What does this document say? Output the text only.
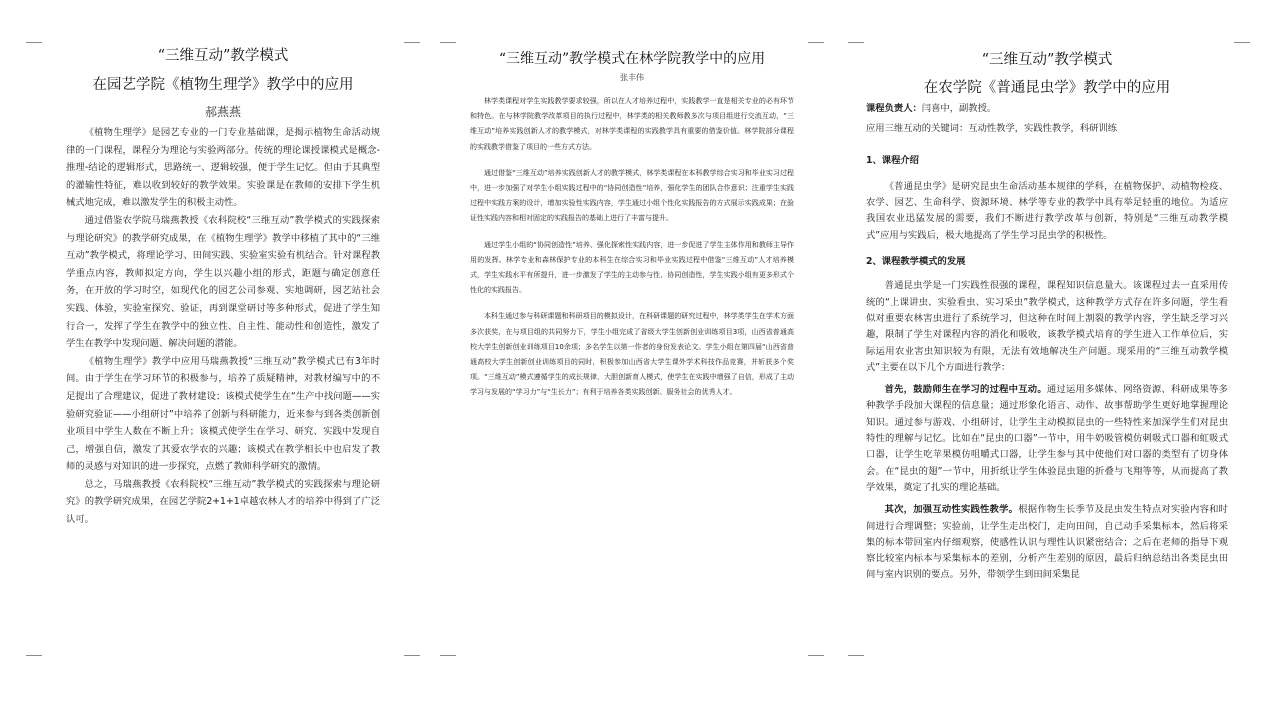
“三维互动”教学模式
在园艺学院《植物生理学》教学中的应用
郝燕燕

《植物生理学》是园艺专业的一门专业基础课，是揭示植物生命活动规律的一门课程，课程分为理论与实验两部分。传统的理论课授课模式是概念-推理-结论的逻辑形式，思路统一、逻辑较强，便于学生记忆。但由于其典型的灌输性特征，难以收到较好的教学效果。实验课是在教师的安排下学生机械式地完成，难以激发学生的积极主动性。

通过借鉴农学院马瑞燕教授《农科院校“三维互动”教学模式的实践探索与理论研究》的教学研究成果，在《植物生理学》教学中移植了其中的“三维互动”教学模式，将理论学习、田间实践、实验室实验有机结合。针对课程教学重点内容，教师拟定方向，学生以兴趣小组的形式，距题与确定创意任务，在开放的学习时空，如现代化的园艺公司参观、实地调研，园艺站社会实践、体验，实验室探究、验证，再到课堂研讨等多种形式，促进了学生知行合一，发挥了学生在教学中的独立性、自主性、能动性和创造性，激发了学生在教学中发现问题、解决问题的潜能。

《植物生理学》教学中应用马瑞燕教授“三维互动”教学模式已有3年时间。由于学生在学习环节的积极参与，培养了质疑精神，对教材编写中的不足提出了合理建议，促进了教材建设；该模式使学生在“生产中找问题——实验研究验证——小组研讨”中培养了创新与科研能力，近来参与到各类创新创业项目中学生人数在不断上升；该模式使学生在学习、研究、实践中发现自己，增强自信，激发了其爱农学农的兴趣；该模式在教学相长中也启发了教师的灵感与对知识的进一步探究，点燃了教师科学研究的激情。

总之，马瑞燕教授《农科院校“三维互动”教学模式的实践探索与理论研究》的教学研究成果，在园艺学院2+1+1卓越农林人才的培养中得到了广泛认可。

“三维互动”教学模式在林学院教学中的应用
张丰伟

林学类课程对学生实践教学要求较强，所以在人才培养过程中，实践教学一直是相关专业的必有环节和特色。在与林学院教学改革项目的执行过程中，林学类的相关教师教多次与项目组进行交流互动，“三维互动”培养实践创新人才的教学模式，对林学类课程的实践教学具有重要的借鉴价值。林学院部分课程的实践教学借鉴了项目的一些方式方法。

通过借鉴“三维互动”培养实践创新人才的教学模式，林学类课程在本科教学综合实习和毕业实习过程中，进一步加强了对学生小组实践过程中的“协同创造性”培养，强化学生的团队合作意识；注重学生实践过程中实践方案的设计，增加实验性实践内容，学生通过小组个性化实践报告的方式展示实践成果；在验证性实践内容和相对固定的实践报告的基础上进行了丰富与提升。

通过学生小组的“协同创造性”培养、强化探索性实践内容，进一步促进了学生主体作用和教师主导作用的发挥。林学专业和森林保护专业的本科生在综合实习和毕业实践过程中借鉴“三维互动”人才培养模式，学生实践水平有所提升，进一步激发了学生的主动参与性、协同创造性，学生实践小组有更多形式个性化的实践报告。

本科生通过参与科研课题和科研项目的模拟设计，在科研课题的研究过程中，林学类学生在学术方面多次获奖，在与项目组的共同努力下，学生小组完成了省级大学生创新创业训练项目3项，山西省普通高校大学生创新创业训练项目10余项；多名学生以第一作者的身份发表论文。学生小组在第四届“山西省普通高校大学生创新创业训练项目的同时，积极参加山西省大学生课外学术科技作品竞赛，并斩获多个奖项。“三维互动”模式遵循学生的成长规律，大胆创新育人模式，使学生在实践中增强了自信，形成了主动学习与发展的“学习力”与“生长力”；有利于培养各类实践创新、服务社会的优秀人才。

“三维互动”教学模式
在农学院《普通昆虫学》教学中的应用

课程负责人：闫喜中，副教授。

应用三维互动的关键词：互动性教学，实践性教学，科研训练

1、课程介绍

《普通昆虫学》是研究昆虫生命活动基本规律的学科，在植物保护、动植物检疫、农学、园艺、生命科学、资源环境、林学等专业的教学中具有举足轻重的地位。为适应我国农业迅猛发展的需要，我们不断进行教学改革与创新，特别是“三维互动教学模式”应用与实践后，极大地提高了学生学习昆虫学的积极性。

2、课程教学模式的发展

普通昆虫学是一门实践性很强的课程，课程知识信息量大。该课程过去一直采用传统的“上课讲虫、实验看虫、实习采虫”教学模式，这种教学方式存在许多问题，学生看似对重要农林害虫进行了系统学习，但这种在时间上割裂的教学内容，学生缺乏学习兴趣，限制了学生对课程内容的消化和吸收，该教学模式培育的学生进入工作单位后，实际运用农业害虫知识较为有限，无法有效地解决生产问题。现采用的“三维互动教学模式”主要在以下几个方面进行教学：

首先，鼓励师生在学习的过程中互动。通过运用多媒体、网络资源、科研成果等多种教学手段加大课程的信息量；通过形象化语言、动作、故事帮助学生更好地掌握理论知识。通过参与游戏、小组研讨，让学生主动模拟昆虫的一些特性来加深学生们对昆虫特性的理解与记忆。比如在“昆虫的口器”一节中，用牛奶吸管模仿刺吸式口器和虹吸式口器，让学生吃苹果模仿咀嚼式口器，让学生参与其中使他们对口器的类型有了切身体会。在“昆虫的翅”一节中，用折纸让学生体验昆虫翅的折叠与飞翔等等，从而提高了教学效果，奠定了扎实的理论基础。

其次，加强互动性实践性教学。根据作物生长季节及昆虫发生特点对实验内容和时间进行合理调整；实验前，让学生走出校门，走向田间，自己动手采集标本，然后将采集的标本带回室内仔细观察，使感性认识与理性认识紧密结合；之后在老师的指导下观察比较室内标本与采集标本的差别，分析产生差别的原因，最后归纳总结出各类昆虫田间与室内识别的要点。另外，带领学生到田间采集昆
